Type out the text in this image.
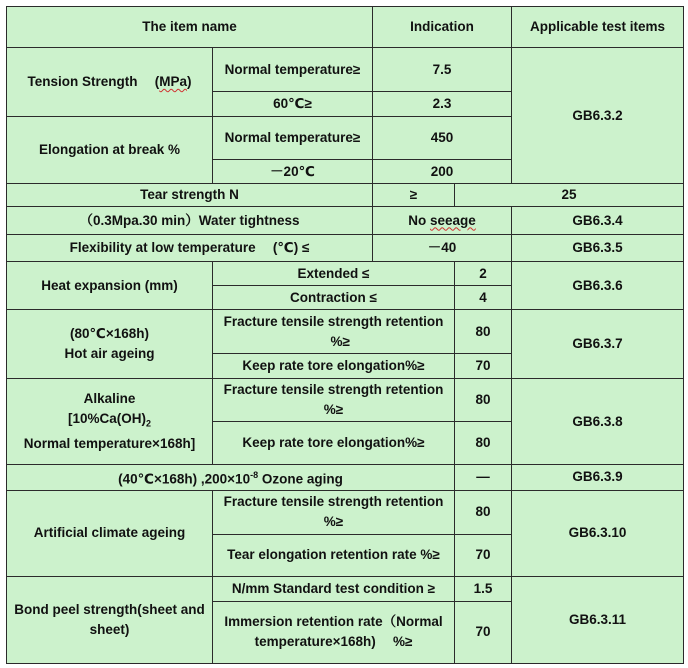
The item name		Indication		Applicable test items	
Tension Strength 　(MPa)	Normal temperature≥	7.5		GB6.3.2	
	60℃≥	2.3			
Elongation at break %	Normal temperature≥	450			
	－20℃	200			
Tear strength N		≥	25	
（0.3Mpa.30 min）Water tightness		No seeage		GB6.3.4	
Flexibility at low temperature 　(℃) ≤		－40		GB6.3.5	
Heat expansion (mm)	Extended ≤		2	GB6.3.6	
	Contraction ≤		4		

(80℃×168h)
Hot air ageing	Fracture tensile strength retention 　%≥		80	GB6.3.7	
	Keep rate tore elongation%≥		70		

Alkaline
[$10\%Ca(OH)_2$
Normal temperature×168h]	Fracture tensile strength retention %≥		80	GB6.3.8	
	Keep rate tore elongation%≥		80		
(40℃×168h) $,200\times 10^{-8}$ Ozone aging			—	GB6.3.9	
Artificial climate ageing	Fracture tensile strength retention %≥		80	GB6.3.10	
	Tear elongation retention rate %≥		70		
Bond peel strength(sheet and sheet)	N/mm Standard test condition ≥		1.5	GB6.3.11	
	Immersion retention rate（Normal temperature×168h) 　%≥		70		
